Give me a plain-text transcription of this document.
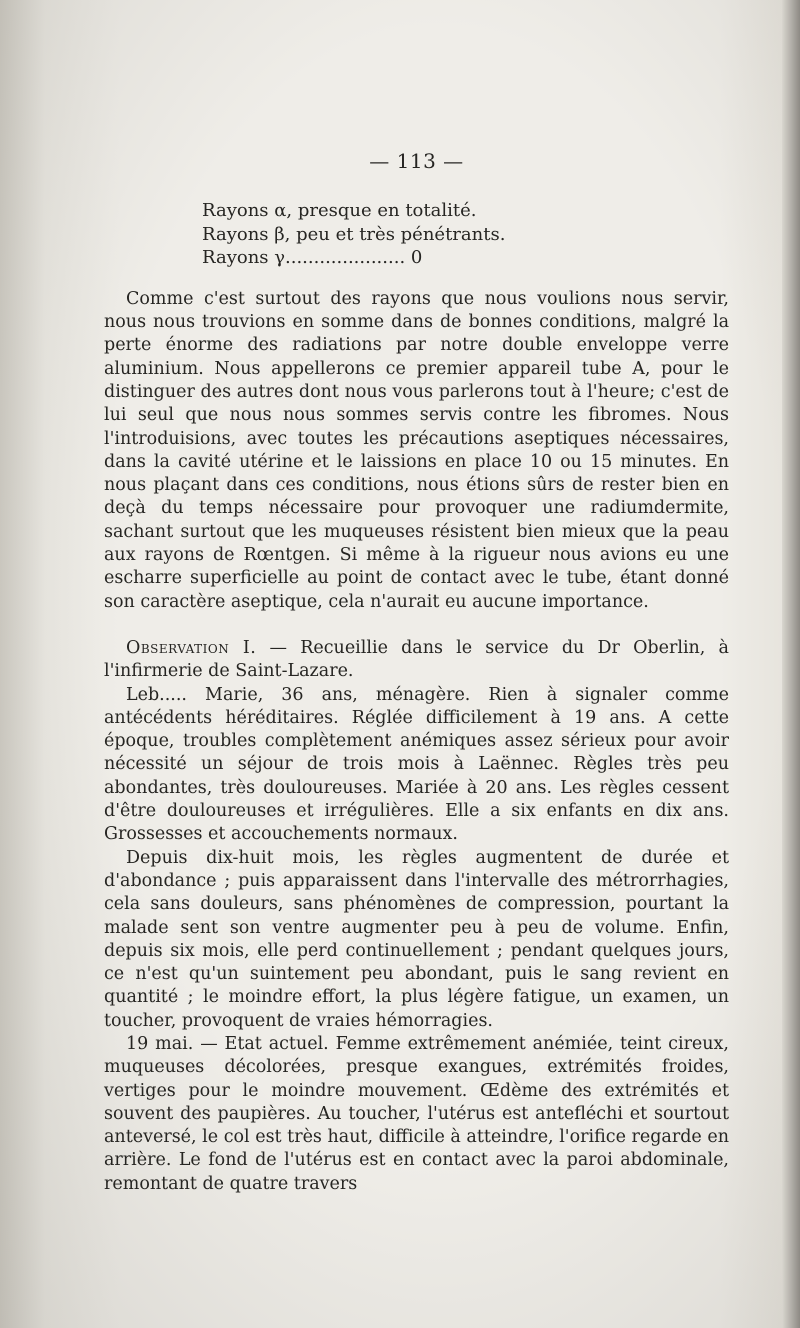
— 113 —
Rayons α, presque en totalité.
Rayons β, peu et très pénétrants.
Rayons γ..................... 0

Comme c'est surtout des rayons que nous voulions nous servir, nous nous trouvions en somme dans de bonnes conditions, malgré la perte énorme des radiations par notre double enveloppe verre aluminium. Nous appellerons ce premier appareil tube A, pour le distinguer des autres dont nous vous parlerons tout à l'heure; c'est de lui seul que nous nous sommes servis contre les fibromes. Nous l'introduisions, avec toutes les précautions aseptiques nécessaires, dans la cavité utérine et le laissions en place 10 ou 15 minutes. En nous plaçant dans ces conditions, nous étions sûrs de rester bien en deçà du temps nécessaire pour provoquer une radiumdermite, sachant surtout que les muqueuses résistent bien mieux que la peau aux rayons de Rœntgen. Si même à la rigueur nous avions eu une escharre superficielle au point de contact avec le tube, étant donné son caractère aseptique, cela n'aurait eu aucune importance.

Observation I. — Recueillie dans le service du Dr Oberlin, à l'infirmerie de Saint-Lazare.

Leb..... Marie, 36 ans, ménagère. Rien à signaler comme antécédents héréditaires. Réglée difficilement à 19 ans. A cette époque, troubles complètement anémiques assez sérieux pour avoir nécessité un séjour de trois mois à Laënnec. Règles très peu abondantes, très douloureuses. Mariée à 20 ans. Les règles cessent d'être douloureuses et irrégulières. Elle a six enfants en dix ans. Grossesses et accouchements normaux.

Depuis dix-huit mois, les règles augmentent de durée et d'abondance ; puis apparaissent dans l'intervalle des métrorrhagies, cela sans douleurs, sans phénomènes de compression, pourtant la malade sent son ventre augmenter peu à peu de volume. Enfin, depuis six mois, elle perd continuellement ; pendant quelques jours, ce n'est qu'un suintement peu abondant, puis le sang revient en quantité ; le moindre effort, la plus légère fatigue, un examen, un toucher, provoquent de vraies hémorragies.

19 mai. — Etat actuel. Femme extrêmement anémiée, teint cireux, muqueuses décolorées, presque exangues, extrémités froides, vertiges pour le moindre mouvement. Œdème des extrémités et souvent des paupières. Au toucher, l'utérus est antefléchi et sourtout anteversé, le col est très haut, difficile à atteindre, l'orifice regarde en arrière. Le fond de l'utérus est en contact avec la paroi abdominale, remontant de quatre travers
